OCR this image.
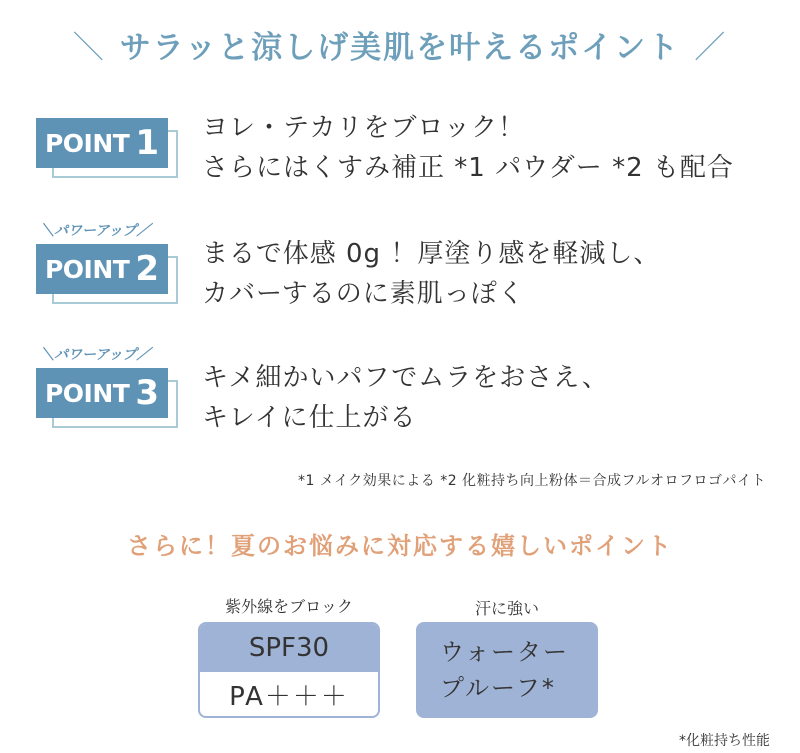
＼ サラッと涼しげ美肌を叶えるポイント ／
POINT 1 ヨレ・テカリをブロック！
さらにはくすみ補正 *1 パウダー *2 も配合
＼パワーアップ／
POINT 2 まるで体感 0g ！厚塗り感を軽減し、
カバーするのに素肌っぽく
＼パワーアップ／
POINT 3 キメ細かいパフでムラをおさえ、
キレイに仕上がる
*1 メイク効果による *2 化粧持ち向上粉体＝合成フルオロフロゴパイト
さらに！夏のお悩みに対応する嬉しいポイント
紫外線をブロック
SPF30
PA＋＋＋
汗に強い
ウォーター
プルーフ*
*化粧持ち性能
